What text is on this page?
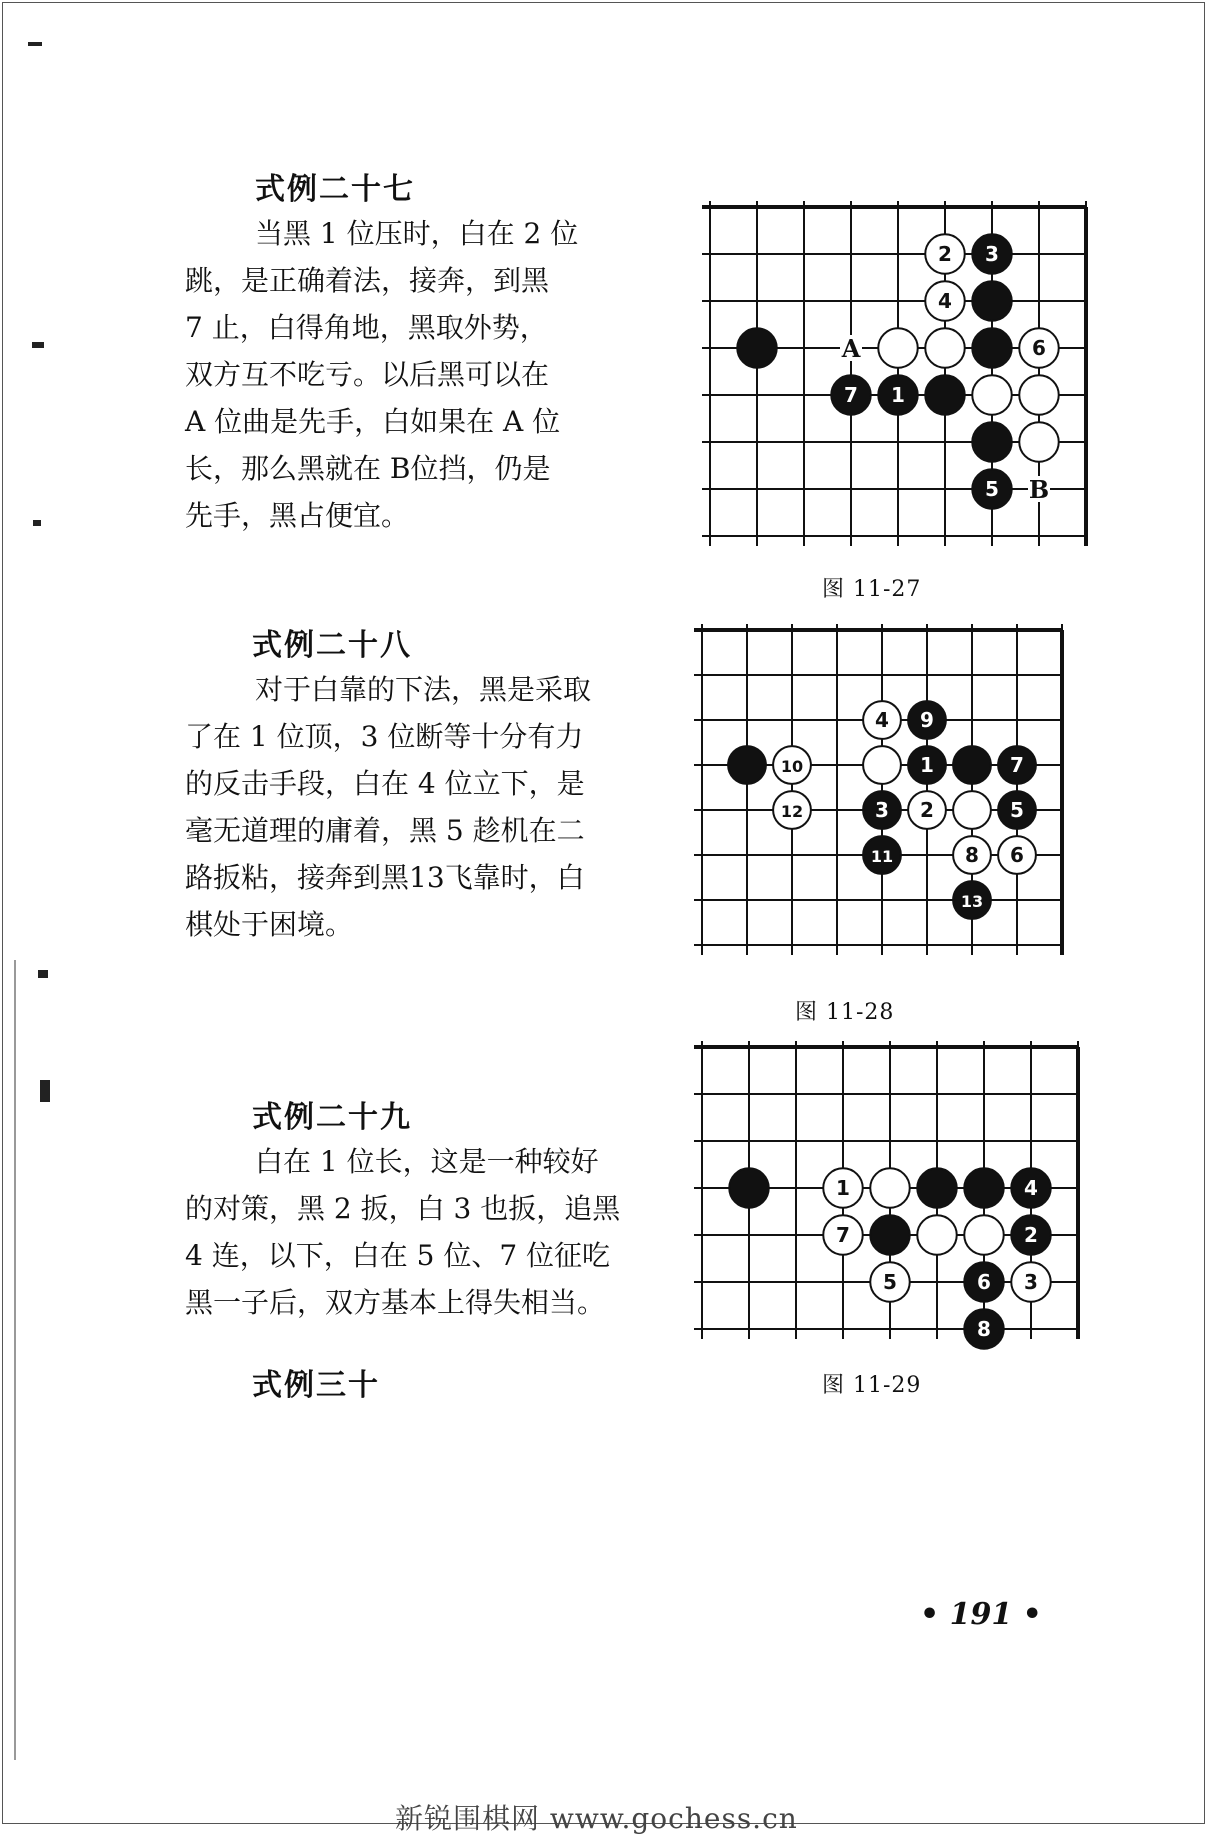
式例二十七
当黑 1 位压时，白在 2 位
跳，是正确着法，接奔，到黑
7 止，白得角地，黑取外势，
双方互不吃亏。以后黑可以在
A 位曲是先手，白如果在 A 位
长，那么黑就在 B位挡，仍是
先手，黑占便宜。
2 3
4
6
7 1
5
A
B
图 11-27
式例二十八
对于白靠的下法，黑是采取
了在 1 位顶，3 位断等十分有力
的反击手段，白在 4 位立下，是
毫无道理的庸着，黑 5 趁机在二
路扳粘，接奔到黑13飞靠时，白
棋处于困境。
10
12
4 9
1	7
3 2	5
11	8 6
13
图 11-28
式例二十九
白在 1 位长，这是一种较好
的对策，黑 2 扳，白 3 也扳，追黑
4 连，以下，白在 5 位、7 位征吃
黑一子后，双方基本上得失相当。
1	4
7	2
5	6 3
8
图 11-29
式例三十
• 191 •
新锐围棋网 www.gochess.cn
